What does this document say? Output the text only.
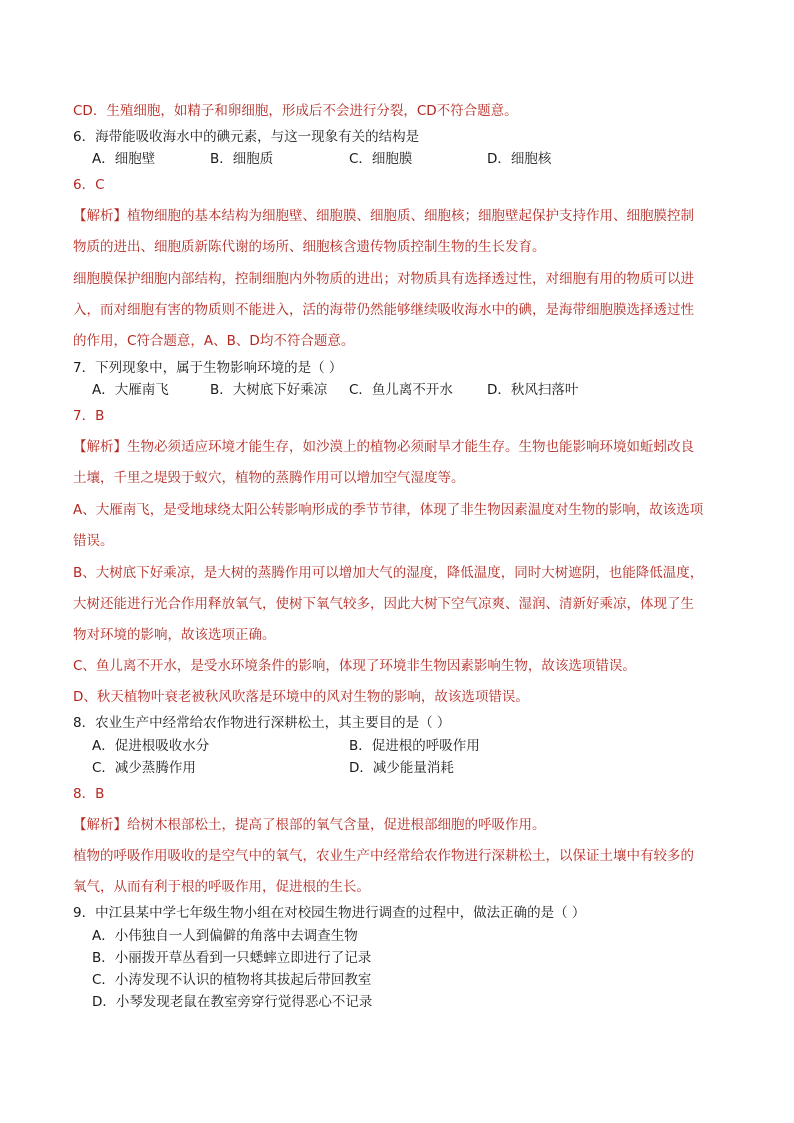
CD．生殖细胞，如精子和卵细胞，形成后不会进行分裂，CD不符合题意。
6．海带能吸收海水中的碘元素，与这一现象有关的结构是
A．细胞壁	B．细胞质	C．细胞膜	D．细胞核
6．C
【解析】植物细胞的基本结构为细胞壁、细胞膜、细胞质、细胞核；细胞壁起保护支持作用、细胞膜控制
物质的进出、细胞质新陈代谢的场所、细胞核含遗传物质控制生物的生长发育。
细胞膜保护细胞内部结构，控制细胞内外物质的进出；对物质具有选择透过性，对细胞有用的物质可以进
入，而对细胞有害的物质则不能进入，活的海带仍然能够继续吸收海水中的碘，是海带细胞膜选择透过性
的作用，C符合题意，A、B、D均不符合题意。
7．下列现象中，属于生物影响环境的是（ ）
A．大雁南飞	B．大树底下好乘凉 C．鱼儿离不开水	D．秋风扫落叶
7．B
【解析】生物必须适应环境才能生存，如沙漠上的植物必须耐旱才能生存。生物也能影响环境如蚯蚓改良
土壤，千里之堤毁于蚁穴，植物的蒸腾作用可以增加空气湿度等。
A、大雁南飞，是受地球绕太阳公转影响形成的季节节律，体现了非生物因素温度对生物的影响，故该选项
错误。
B、大树底下好乘凉，是大树的蒸腾作用可以增加大气的湿度，降低温度，同时大树遮阴，也能降低温度，
大树还能进行光合作用释放氧气，使树下氧气较多，因此大树下空气凉爽、湿润、清新好乘凉，体现了生
物对环境的影响，故该选项正确。
C、鱼儿离不开水，是受水环境条件的影响，体现了环境非生物因素影响生物，故该选项错误。
D、秋天植物叶衰老被秋风吹落是环境中的风对生物的影响，故该选项错误。
8．农业生产中经常给农作物进行深耕松土，其主要目的是（ ）
A．促进根吸收水分	B．促进根的呼吸作用
C．减少蒸腾作用	D．减少能量消耗
8．B
【解析】给树木根部松土，提高了根部的氧气含量，促进根部细胞的呼吸作用。
植物的呼吸作用吸收的是空气中的氧气，农业生产中经常给农作物进行深耕松土，以保证土壤中有较多的
氧气，从而有利于根的呼吸作用，促进根的生长。
9．中江县某中学七年级生物小组在对校园生物进行调查的过程中，做法正确的是（ ）
A．小伟独自一人到偏僻的角落中去调查生物
B．小丽拨开草丛看到一只蟋蟀立即进行了记录
C．小涛发现不认识的植物将其拔起后带回教室
D．小琴发现老鼠在教室旁穿行觉得恶心不记录
